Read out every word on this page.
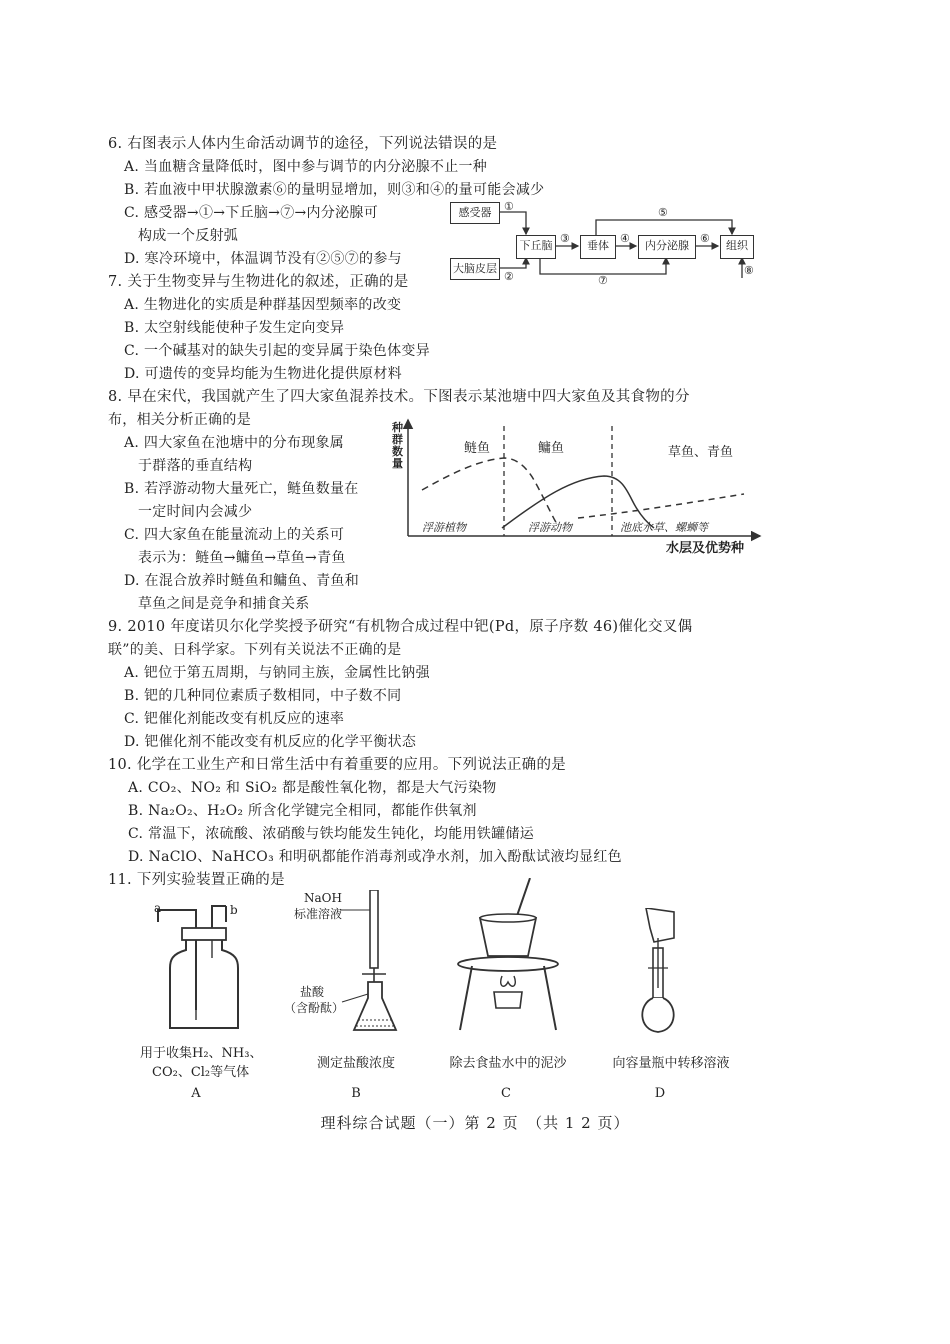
6. 右图表示人体内生命活动调节的途径，下列说法错误的是
A. 当血糖含量降低时，图中参与调节的内分泌腺不止一种
B. 若血液中甲状腺激素⑥的量明显增加，则③和④的量可能会减少
C. 感受器→①→下丘脑→⑦→内分泌腺可
构成一个反射弧
D. 寒冷环境中，体温调节没有②⑤⑦的参与
感受器
大脑皮层
下丘脑	垂体	内分泌腺	组织
①
②
③	④
⑤
⑥
⑦
⑧
7. 关于生物变异与生物进化的叙述，正确的是
A. 生物进化的实质是种群基因型频率的改变
B. 太空射线能使种子发生定向变异
C. 一个碱基对的缺失引起的变异属于染色体变异
D. 可遗传的变异均能为生物进化提供原材料
8. 早在宋代，我国就产生了四大家鱼混养技术。下图表示某池塘中四大家鱼及其食物的分
布，相关分析正确的是
A. 四大家鱼在池塘中的分布现象属
于群落的垂直结构
B. 若浮游动物大量死亡，鲢鱼数量在
一定时间内会减少
C. 四大家鱼在能量流动上的关系可
表示为：鲢鱼→鳙鱼→草鱼→青鱼
D. 在混合放养时鲢鱼和鳙鱼、青鱼和
草鱼之间是竞争和捕食关系
种
群
数
量
鲢鱼	鳙鱼	草鱼、青鱼
浮游植物	浮游动物	池底水草、螺蛳等
水层及优势种
9. 2010 年度诺贝尔化学奖授予研究“有机物合成过程中钯(Pd，原子序数 46)催化交叉偶
联”的美、日科学家。下列有关说法不正确的是
A. 钯位于第五周期，与钠同主族，金属性比钠强
B. 钯的几种同位素质子数相同，中子数不同
C. 钯催化剂能改变有机反应的速率
D. 钯催化剂不能改变有机反应的化学平衡状态
10. 化学在工业生产和日常生活中有着重要的应用。下列说法正确的是
A. CO₂、NO₂ 和 SiO₂ 都是酸性氧化物，都是大气污染物
B. Na₂O₂、H₂O₂ 所含化学键完全相同，都能作供氧剂
C. 常温下，浓硫酸、浓硝酸与铁均能发生钝化，均能用铁罐储运
D. NaClO、NaHCO₃ 和明矾都能作消毒剂或净水剂，加入酚酞试液均显红色
11. 下列实验装置正确的是
a	b
用于收集H₂、NH₃、
CO₂、Cl₂等气体
NaOH
标准溶液
盐酸
（含酚酞）
测定盐酸浓度	除去食盐水中的泥沙	向容量瓶中转移溶液
A	B	C	D
理科综合试题（一）第 2 页　（共 1 2 页）
